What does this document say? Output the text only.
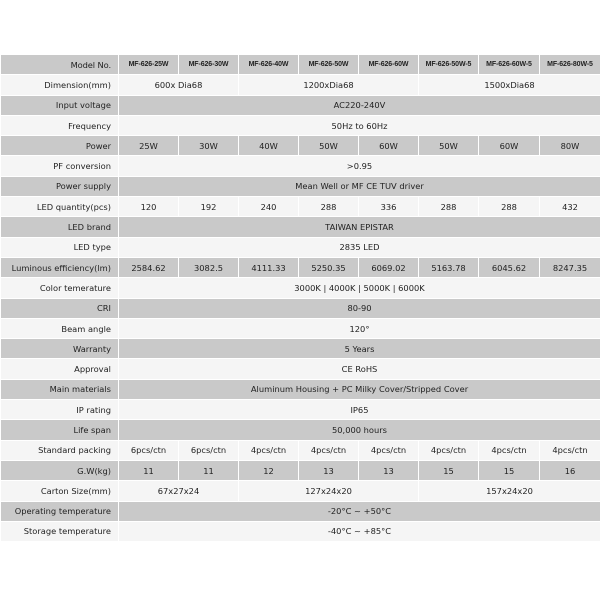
Model No.	MF-626-25W	MF-626-30W	MF-626-40W	MF-626-50W	MF-626-60W	MF-626-50W-5	MF-626-60W-5	MF-626-80W-5
Dimension(mm)	600x Dia68		1200xDia68			1500xDia68		
Input voltage	AC220-240V							
Frequency	50Hz to 60Hz							
Power	25W	30W	40W	50W	60W	50W	60W	80W
PF conversion	>0.95							
Power supply	Mean Well or MF CE TUV driver							
LED quantity(pcs)	120	192	240	288	336	288	288	432
LED brand	TAIWAN EPISTAR							
LED type	2835 LED							
Luminous efficiency(lm)	2584.62	3082.5	4111.33	5250.35	6069.02	5163.78	6045.62	8247.35
Color temerature	3000K | 4000K | 5000K | 6000K							
CRI	80-90							
Beam angle	120°							
Warranty	5 Years							
Approval	CE RoHS							
Main materials	Aluminum Housing + PC Milky Cover/Stripped Cover							
IP rating	IP65							
Life span	50,000 hours							
Standard packing	6pcs/ctn	6pcs/ctn	4pcs/ctn	4pcs/ctn	4pcs/ctn	4pcs/ctn	4pcs/ctn	4pcs/ctn
G.W(kg)	11	11	12	13	13	15	15	16
Carton Size(mm)	67x27x24		127x24x20			157x24x20		
Operating temperature	-20°C ~ +50°C							
Storage temperature	-40°C ~ +85°C							
